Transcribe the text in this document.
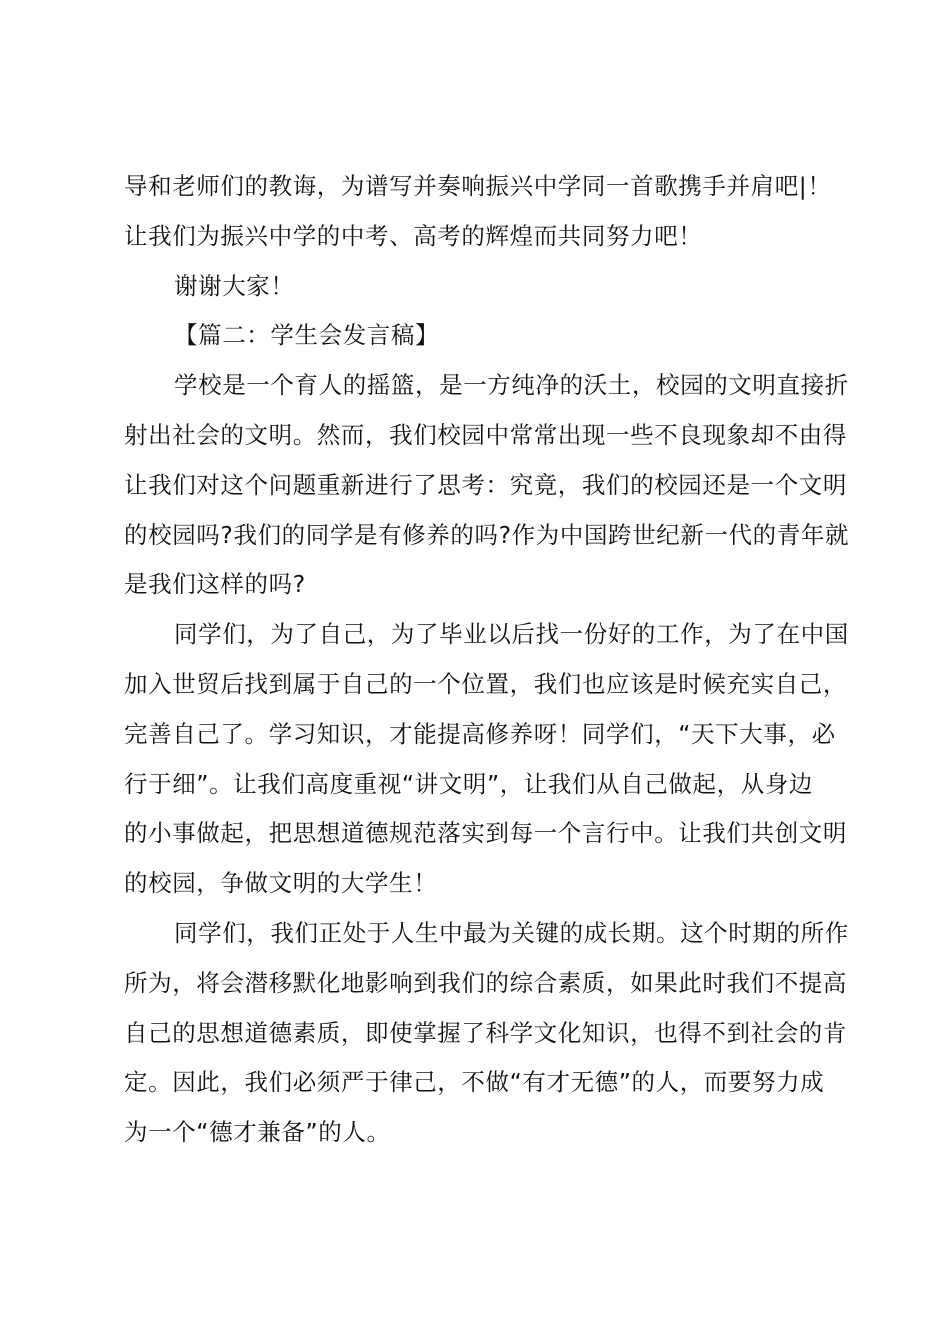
导和老师们的教诲，为谱写并奏响振兴中学同一首歌携手并肩吧|！
让我们为振兴中学的中考、高考的辉煌而共同努力吧！
谢谢大家！
【篇二：学生会发言稿】
学校是一个育人的摇篮，是一方纯净的沃土，校园的文明直接折
射出社会的文明。然而，我们校园中常常出现一些不良现象却不由得
让我们对这个问题重新进行了思考：究竟，我们的校园还是一个文明
的校园吗?我们的同学是有修养的吗?作为中国跨世纪新一代的青年就
是我们这样的吗?
同学们，为了自己，为了毕业以后找一份好的工作，为了在中国
加入世贸后找到属于自己的一个位置，我们也应该是时候充实自己，
完善自己了。学习知识，才能提高修养呀！同学们，“天下大事，必
行于细”。让我们高度重视“讲文明”，让我们从自己做起，从身边
的小事做起，把思想道德规范落实到每一个言行中。让我们共创文明
的校园，争做文明的大学生！
同学们，我们正处于人生中最为关键的成长期。这个时期的所作
所为，将会潜移默化地影响到我们的综合素质，如果此时我们不提高
自己的思想道德素质，即使掌握了科学文化知识，也得不到社会的肯
定。因此，我们必须严于律己，不做“有才无德”的人，而要努力成
为一个“德才兼备”的人。
